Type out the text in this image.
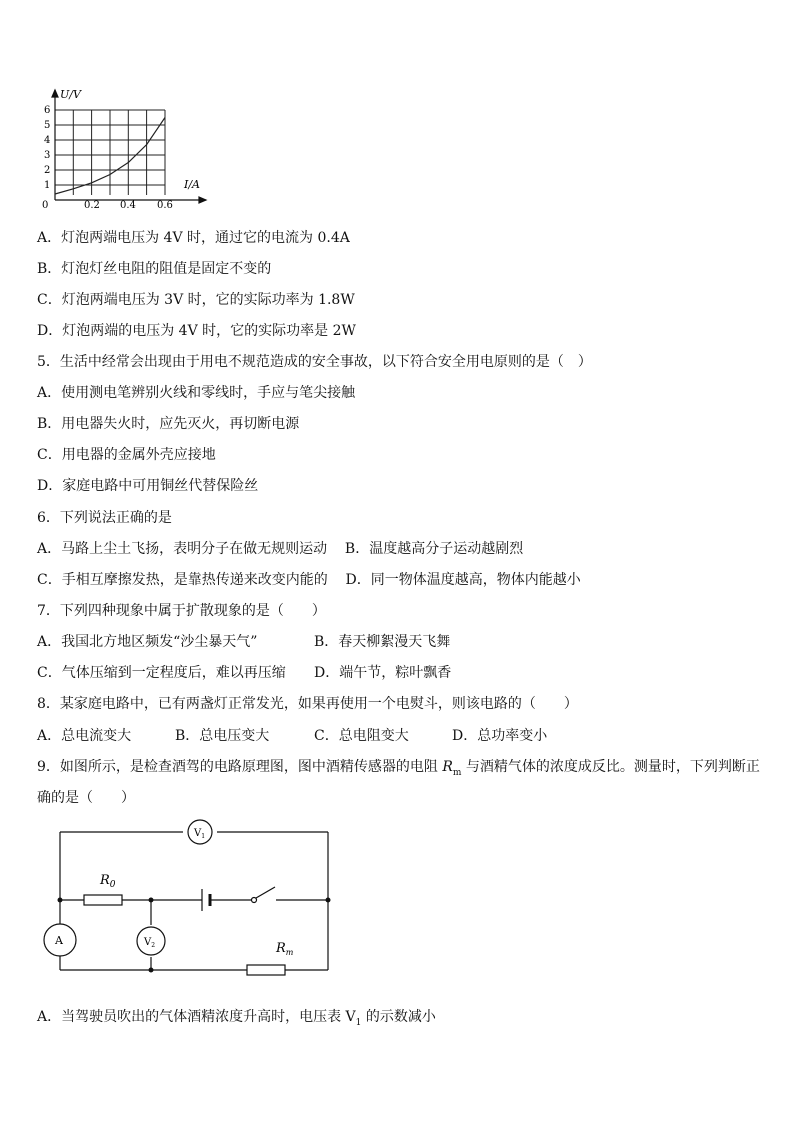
U/V
I/A
0
1
2
3
4
5
6
0.2 0.4 0.6
A．灯泡两端电压为 4V 时，通过它的电流为 0.4A
B．灯泡灯丝电阻的阻值是固定不变的
C．灯泡两端电压为 3V 时，它的实际功率为 1.8W
D．灯泡两端的电压为 4V 时，它的实际功率是 2W
5．生活中经常会出现由于用电不规范造成的安全事故，以下符合安全用电原则的是（　）
A．使用测电笔辨别火线和零线时，手应与笔尖接触
B．用电器失火时，应先灭火，再切断电源
C．用电器的金属外壳应接地
D．家庭电路中可用铜丝代替保险丝
6．下列说法正确的是
A．马路上尘土飞扬，表明分子在做无规则运动 B．温度越高分子运动越剧烈
C．手相互摩擦发热，是靠热传递来改变内能的 D．同一物体温度越高，物体内能越小
7．下列四种现象中属于扩散现象的是（　　）
A．我国北方地区频发“沙尘暴天气”	B．春天柳絮漫天飞舞
C．气体压缩到一定程度后，难以再压缩 D．端午节，粽叶飘香
8．某家庭电路中，已有两盏灯正常发光，如果再使用一个电熨斗，则该电路的（　　）
A．总电流变大	B．总电压变大	C．总电阻变大	D．总功率变小
9．如图所示，是检查酒驾的电路原理图，图中酒精传感器的电阻 $R_m$ 与酒精气体的浓度成反比。测量时，下列判断正
确的是（　　）
$V_1$
$V_2$
A
$R_0$
$R_m$
A．当驾驶员吹出的气体酒精浓度升高时，电压表 $V_1$ 的示数减小
